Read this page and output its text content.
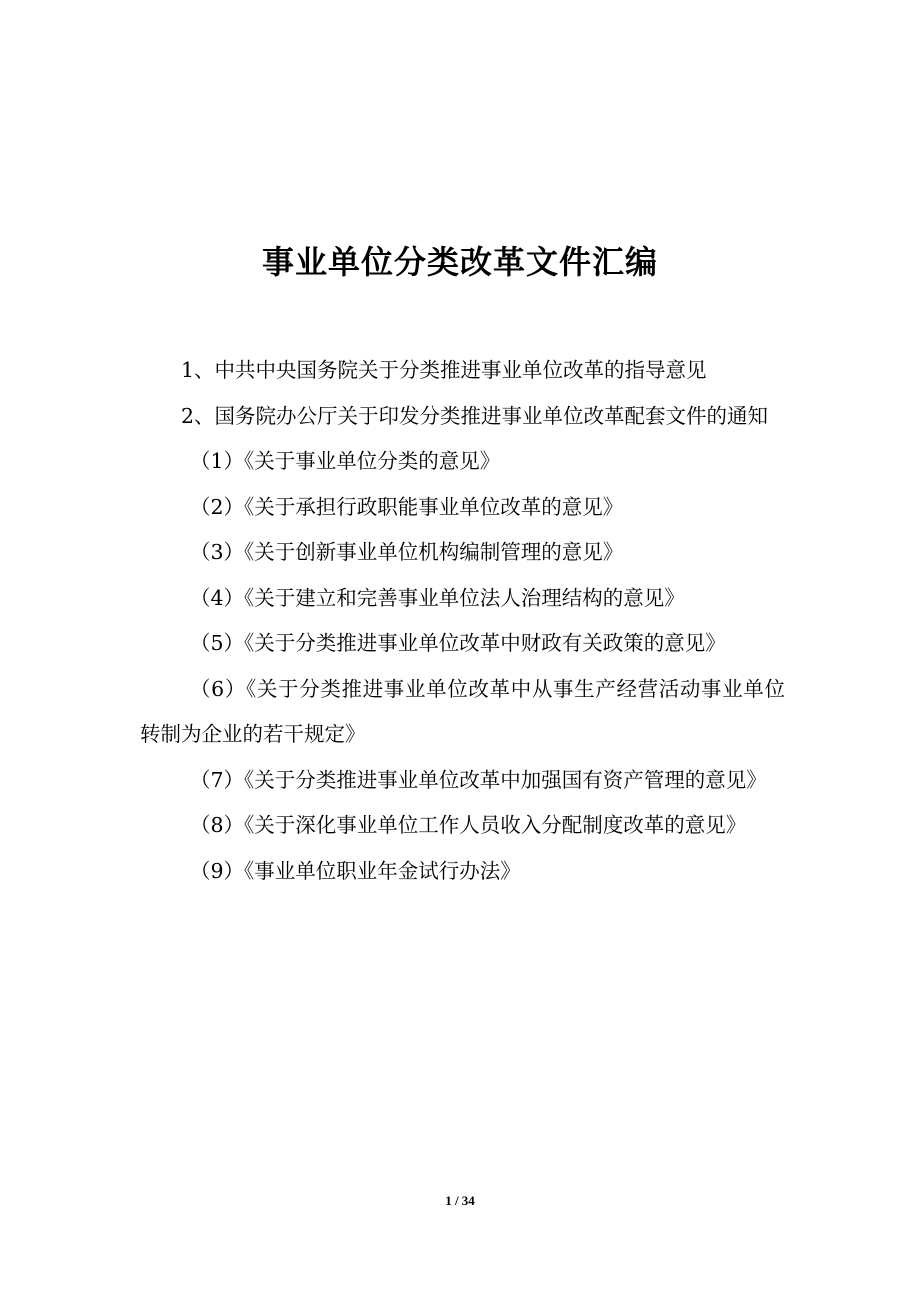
事业单位分类改革文件汇编

1、中共中央国务院关于分类推进事业单位改革的指导意见

2、国务院办公厅关于印发分类推进事业单位改革配套文件的通知

（1）《关于事业单位分类的意见》

（2）《关于承担行政职能事业单位改革的意见》

（3）《关于创新事业单位机构编制管理的意见》

（4）《关于建立和完善事业单位法人治理结构的意见》

（5）《关于分类推进事业单位改革中财政有关政策的意见》

（6）《关于分类推进事业单位改革中从事生产经营活动事业单位转制为企业的若干规定》

（7）《关于分类推进事业单位改革中加强国有资产管理的意见》

（8）《关于深化事业单位工作人员收入分配制度改革的意见》

（9）《事业单位职业年金试行办法》

1 / 34
